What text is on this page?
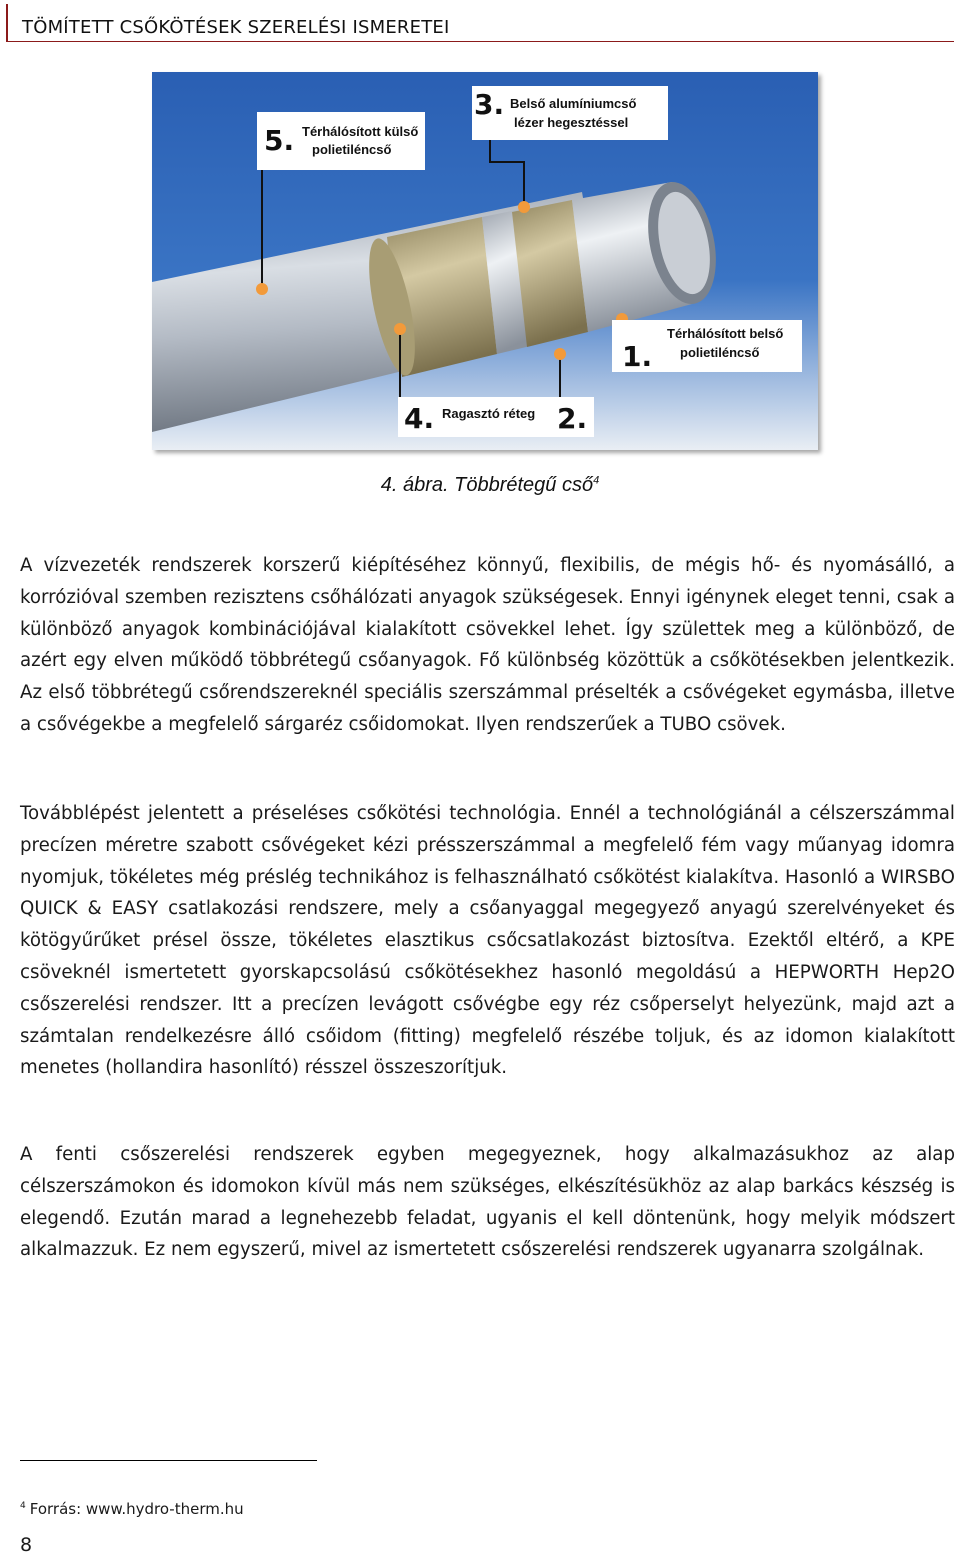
TÖMÍTETT CSŐKÖTÉSEK SZERELÉSI ISMERETEI
5. Térhálósított külső
polietiléncső
3. Belső alumíniumcső
lézer hegesztéssel
1.
Térhálósított belső
polietiléncső
4. Ragasztó réteg 2.
4. ábra. Többrétegű cső$^4$

A vízvezeték rendszerek korszerű kiépítéséhez könnyű, flexibilis, de mégis hő- és nyomásálló, a korrózióval szemben rezisztens csőhálózati anyagok szükségesek. Ennyi igénynek eleget tenni, csak a különböző anyagok kombinációjával kialakított csövekkel lehet. Így születtek meg a különböző, de azért egy elven működő többrétegű csőanyagok. Fő különbség közöttük a csőkötésekben jelentkezik. Az első többrétegű csőrendszereknél speciális szerszámmal préselték a csővégeket egymásba, illetve a csővégekbe a megfelelő sárgaréz csőidomokat. Ilyen rendszerűek a TUBO csövek.

Továbblépést jelentett a préseléses csőkötési technológia. Ennél a technológiánál a célszerszámmal precízen méretre szabott csővégeket kézi présszerszámmal a megfelelő fém vagy műanyag idomra nyomjuk, tökéletes még préslég technikához is felhasználható csőkötést kialakítva. Hasonló a WIRSBO QUICK & EASY csatlakozási rendszere, mely a csőanyaggal megegyező anyagú szerelvényeket és kötögyűrűket présel össze, tökéletes elasztikus csőcsatlakozást biztosítva. Ezektől eltérő, a KPE csöveknél ismertetett gyorskapcsolású csőkötésekhez hasonló megoldású a HEPWORTH Hep2O csőszerelési rendszer. Itt a precízen levágott csővégbe egy réz csőperselyt helyezünk, majd azt a számtalan rendelkezésre álló csőidom (fitting) megfelelő részébe toljuk, és az idomon kialakított menetes (hollandira hasonlító) résszel összeszorítjuk.

A fenti csőszerelési rendszerek egyben megegyeznek, hogy alkalmazásukhoz az alap célszerszámokon és idomokon kívül más nem szükséges, elkészítésükhöz az alap barkács készség is elegendő. Ezután marad a legnehezebb feladat, ugyanis el kell döntenünk, hogy melyik módszert alkalmazzuk. Ez nem egyszerű, mivel az ismertetett csőszerelési rendszerek ugyanarra szolgálnak.

$^4$ Forrás: www.hydro-therm.hu
8
